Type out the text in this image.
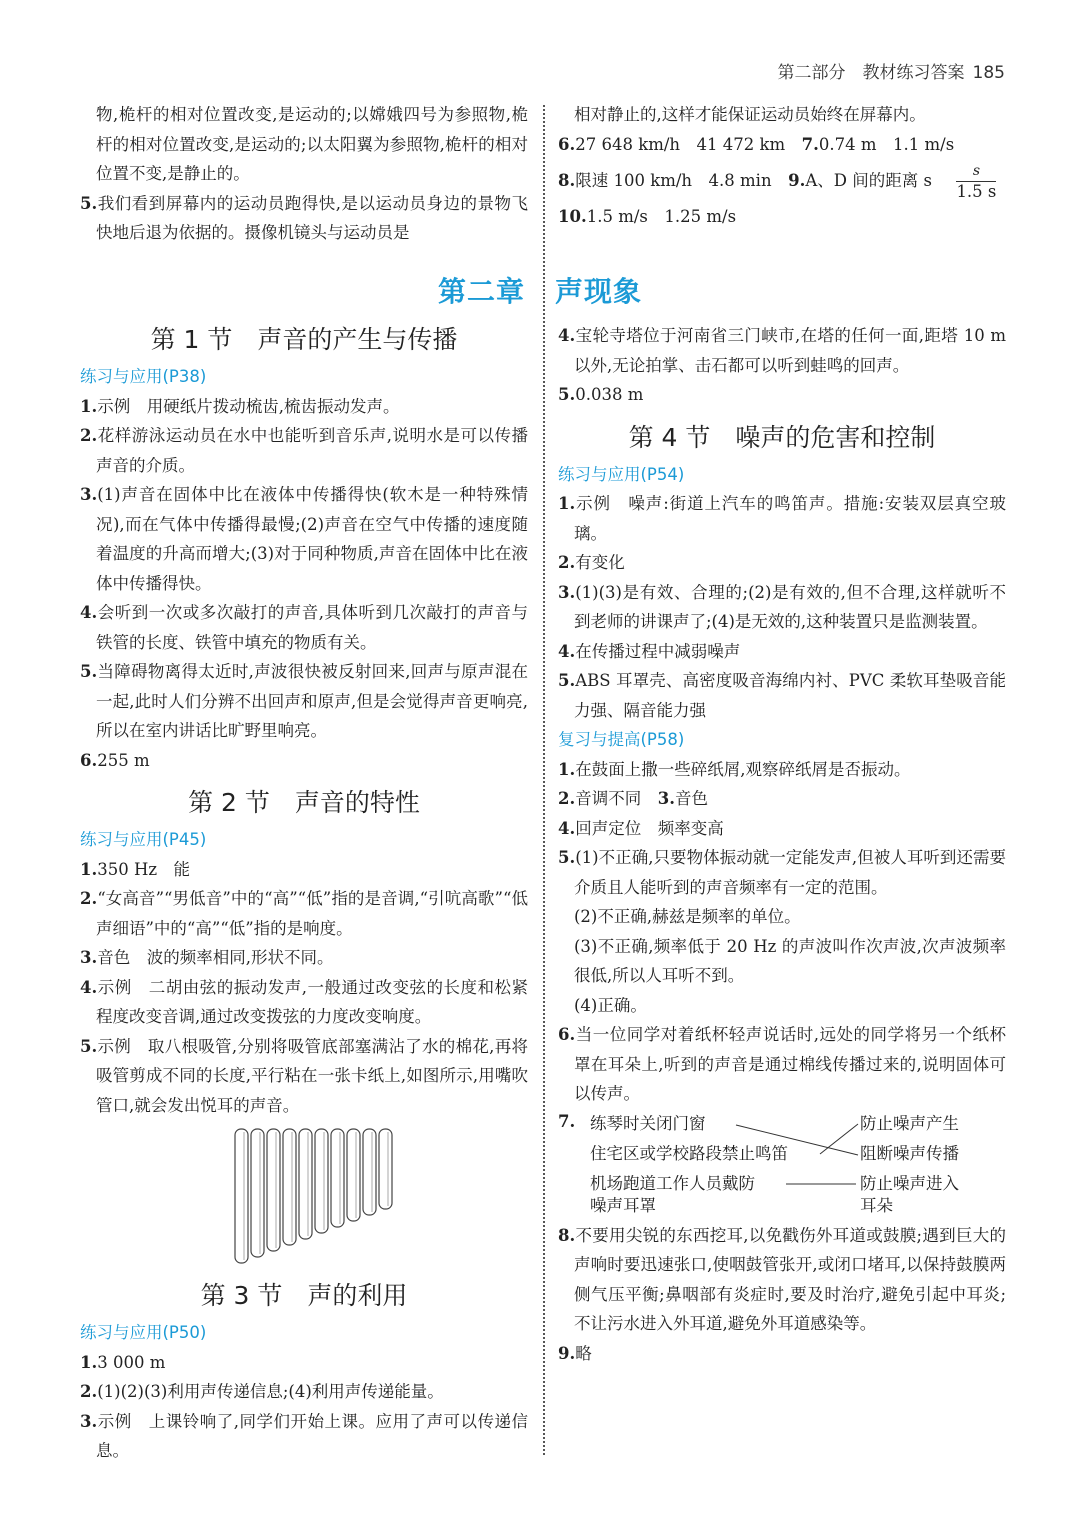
第二部分　教材练习答案 185
物,桅杆的相对位置改变,是运动的;以嫦娥四号为参照物,桅杆的相对位置改变,是运动的;以太阳翼为参照物,桅杆的相对位置不变,是静止的。
5.我们看到屏幕内的运动员跑得快,是以运动员身边的景物飞快地后退为依据的。摄像机镜头与运动员是
相对静止的,这样才能保证运动员始终在屏幕内。
6.27 648 km/h　41 472 km　7.0.74 m　1.1 m/s
8.限速 100 km/h　4.8 min　9.A、D 间的距离 s　	s
1.5 s
10.1.5 m/s　1.25 m/s
第二章 声现象
第 1 节　声音的产生与传播
练习与应用(P38)
1.示例　用硬纸片拨动梳齿,梳齿振动发声。
2.花样游泳运动员在水中也能听到音乐声,说明水是可以传播声音的介质。
3.(1)声音在固体中比在液体中传播得快(软木是一种特殊情况),而在气体中传播得最慢;(2)声音在空气中传播的速度随着温度的升高而增大;(3)对于同种物质,声音在固体中比在液体中传播得快。
4.会听到一次或多次敲打的声音,具体听到几次敲打的声音与铁管的长度、铁管中填充的物质有关。
5.当障碍物离得太近时,声波很快被反射回来,回声与原声混在一起,此时人们分辨不出回声和原声,但是会觉得声音更响亮,所以在室内讲话比旷野里响亮。
6.255 m
第 2 节　声音的特性
练习与应用(P45)
1.350 Hz　能
2.“女高音”“男低音”中的“高”“低”指的是音调,“引吭高歌”“低声细语”中的“高”“低”指的是响度。
3.音色　波的频率相同,形状不同。
4.示例　二胡由弦的振动发声,一般通过改变弦的长度和松紧程度改变音调,通过改变拨弦的力度改变响度。
5.示例　取八根吸管,分别将吸管底部塞满沾了水的棉花,再将吸管剪成不同的长度,平行粘在一张卡纸上,如图所示,用嘴吹管口,就会发出悦耳的声音。
第 3 节　声的利用
练习与应用(P50)
1.3 000 m
2.(1)(2)(3)利用声传递信息;(4)利用声传递能量。
3.示例　上课铃响了,同学们开始上课。应用了声可以传递信息。
4.宝轮寺塔位于河南省三门峡市,在塔的任何一面,距塔 10 m 以外,无论拍掌、击石都可以听到蛙鸣的回声。
5.0.038 m
第 4 节　噪声的危害和控制
练习与应用(P54)
1.示例　噪声:街道上汽车的鸣笛声。措施:安装双层真空玻璃。
2.有变化
3.(1)(3)是有效、合理的;(2)是有效的,但不合理,这样就听不到老师的讲课声了;(4)是无效的,这种装置只是监测装置。
4.在传播过程中减弱噪声
5.ABS 耳罩壳、高密度吸音海绵内衬、PVC 柔软耳垫吸音能力强、隔音能力强
复习与提高(P58)
1.在鼓面上撒一些碎纸屑,观察碎纸屑是否振动。
2.音调不同　3.音色
4.回声定位　频率变高
5.(1)不正确,只要物体振动就一定能发声,但被人耳听到还需要介质且人能听到的声音频率有一定的范围。
(2)不正确,赫兹是频率的单位。
(3)不正确,频率低于 20 Hz 的声波叫作次声波,次声波频率很低,所以人耳听不到。
(4)正确。
6.当一位同学对着纸杯轻声说话时,远处的同学将另一个纸杯罩在耳朵上,听到的声音是通过棉线传播过来的,说明固体可以传声。
7. 练琴时关闭门窗
住宅区或学校路段禁止鸣笛
机场跑道工作人员戴防
噪声耳罩
防止噪声产生
阻断噪声传播
防止噪声进入
耳朵
8.不要用尖锐的东西挖耳,以免戳伤外耳道或鼓膜;遇到巨大的声响时要迅速张口,使咽鼓管张开,或闭口堵耳,以保持鼓膜两侧气压平衡;鼻咽部有炎症时,要及时治疗,避免引起中耳炎;不让污水进入外耳道,避免外耳道感染等。
9.略
